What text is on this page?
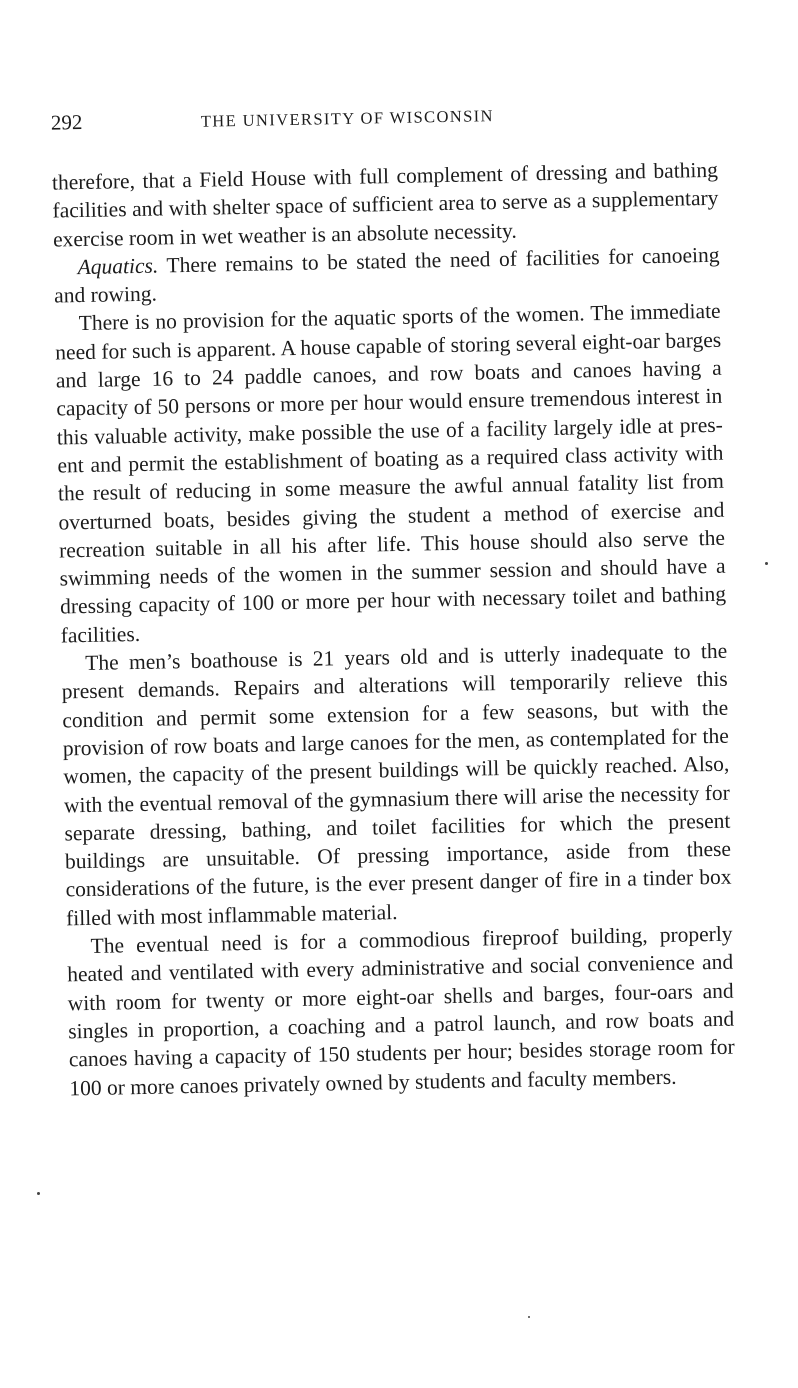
292	THE UNIVERSITY OF WISCONSIN

therefore, that a Field House with full complement of dressing and bathing facilities and with shelter space of sufficient area to serve as a supplementary exercise room in wet weather is an absolute necessity.

Aquatics. There remains to be stated the need of facilities for canoeing and rowing.

There is no provision for the aquatic sports of the women. The immediate need for such is apparent. A house capable of storing several eight-oar barges and large 16 to 24 paddle canoes, and row boats and canoes having a capacity of 50 persons or more per hour would ensure tremendous interest in this valuable activity, make possible the use of a facility largely idle at present and permit the establishment of boating as a required class activity with the result of reducing in some measure the awful annual fatality list from overturned boats, besides giving the student a method of exercise and recreation suitable in all his after life. This house should also serve the swimming needs of the women in the summer session and should have a dressing capacity of 100 or more per hour with necessary toilet and bathing facilities.

The men’s boathouse is 21 years old and is utterly inadequate to the present demands. Repairs and alterations will temporarily relieve this condition and permit some extension for a few seasons, but with the provision of row boats and large canoes for the men, as contemplated for the women, the capacity of the present buildings will be quickly reached. Also, with the eventual removal of the gymnasium there will arise the necessity for separate dressing, bathing, and toilet facilities for which the present buildings are unsuitable. Of pressing importance, aside from these considerations of the future, is the ever present danger of fire in a tinder box filled with most inflammable material.

The eventual need is for a commodious fireproof building, properly heated and ventilated with every administrative and social convenience and with room for twenty or more eight-oar shells and barges, four-oars and singles in proportion, a coaching and a patrol launch, and row boats and canoes having a capacity of 150 students per hour; besides storage room for 100 or more canoes privately owned by students and faculty members.
